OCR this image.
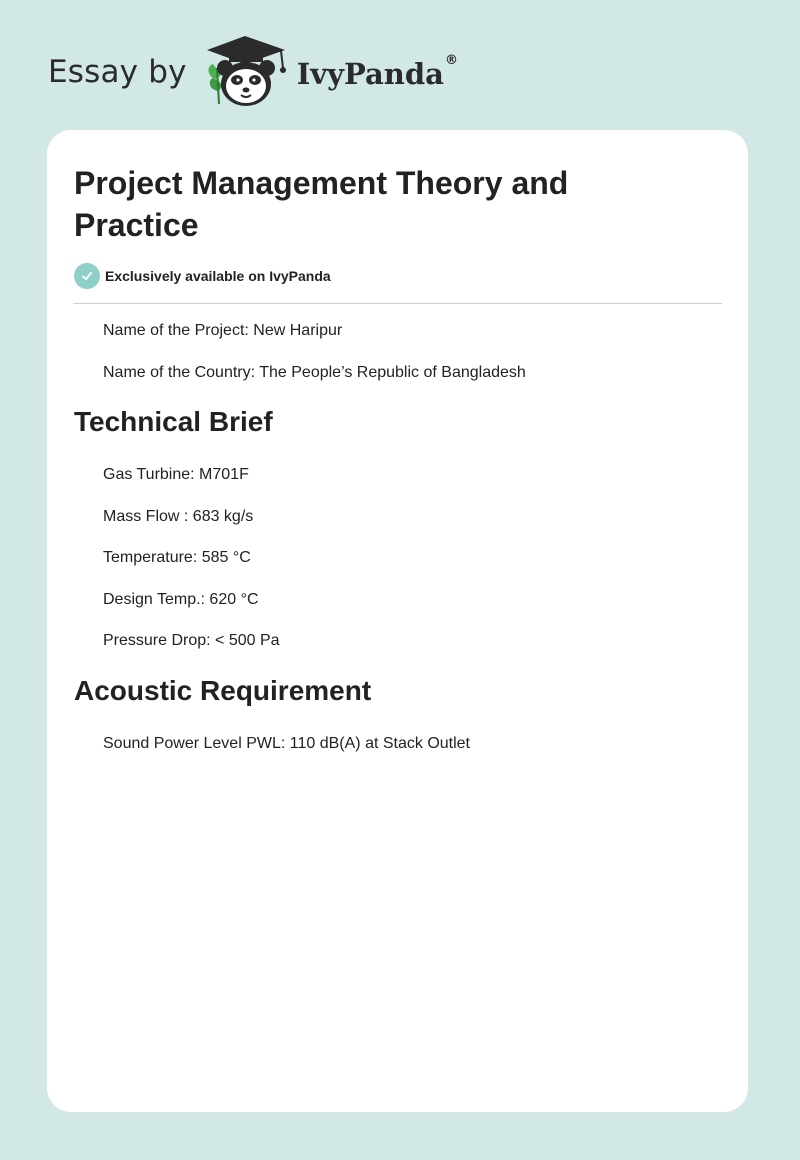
Essay by	IvyPanda®
Project Management Theory and Practice
Exclusively available on IvyPanda
Name of the Project: New Haripur
Name of the Country: The People’s Republic of Bangladesh
Technical Brief
Gas Turbine: M701F
Mass Flow : 683 kg/s
Temperature: 585 °C
Design Temp.: 620 °C
Pressure Drop: < 500 Pa
Acoustic Requirement
Sound Power Level PWL: 110 dB(A) at Stack Outlet
